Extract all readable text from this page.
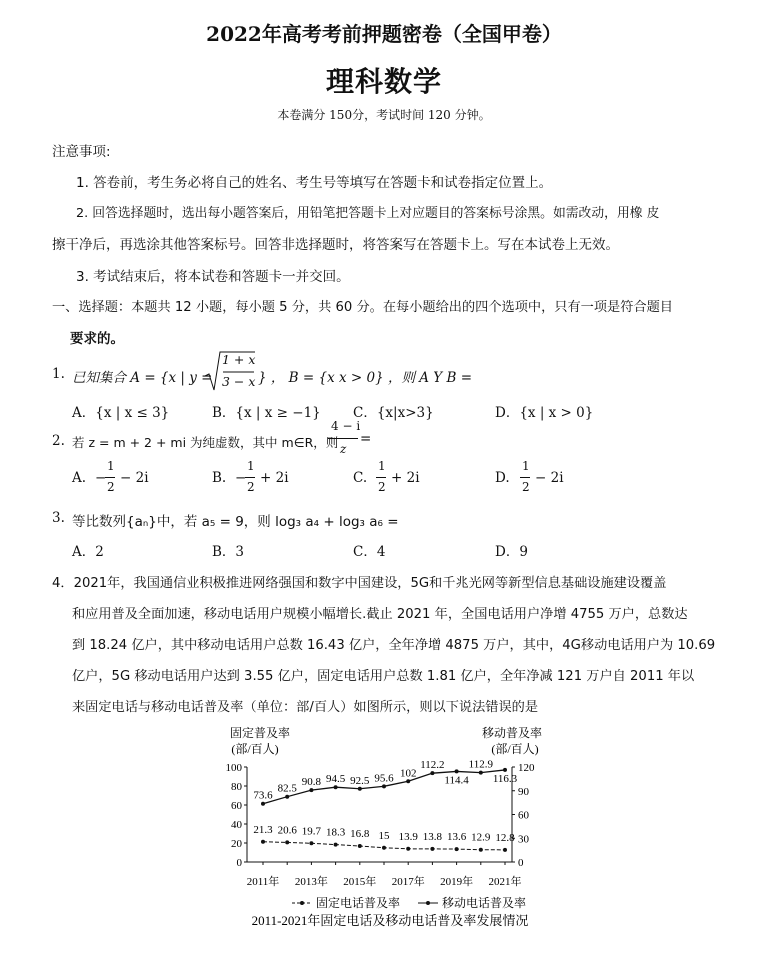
2022年高考考前押题密卷（全国甲卷）
理科数学
本卷满分 150分，考试时间 120 分钟。
注意事项:
1. 答卷前，考生务必将自己的姓名、考生号等填写在答题卡和试卷指定位置上。
2. 回答选择题时，选出每小题答案后，用铅笔把答题卡上对应题目的答案标号涂黑。如需改动，用橡 皮
擦干净后，再选涂其他答案标号。回答非选择题时，将答案写在答题卡上。写在本试卷上无效。
3. 考试结束后，将本试卷和答题卡一并交回。
一、选择题：本题共 12 小题，每小题 5 分，共 60 分。在每小题给出的四个选项中，只有一项是符合题目
要求的。
1. 已知集合 A = {x | y =
1 + x
3 − x } ， B = {x x > 0} ，则 A Y B =
A．{x | x ≤ 3}	B．{x | x ≥ −1} C．{x|x>3}	D．{x | x > 0}
2. 若 z = m + 2 + mi 为纯虚数，其中 m∈R，则
4 − i
z
=
A. −
1
2
− 2i	B. −
1
2
+ 2i	C.
1
2
+ 2i	D.
1
2
− 2i
3. 等比数列{aₙ}中，若 a₅ = 9，则 log₃ a₄ + log₃ a₆ =
A．2	B．3	C．4	D．9
4．2021年，我国通信业积极推进网络强国和数字中国建设，5G和千兆光网等新型信息基础设施建设覆盖
和应用普及全面加速，移动电话用户规模小幅增长.截止 2021 年，全国电话用户净增 4755 万户，总数达
到 18.24 亿户，其中移动电话用户总数 16.43 亿户，全年净增 4875 万户，其中，4G移动电话用户为 10.69
亿户，5G 移动电话用户达到 3.55 亿户，固定电话用户总数 1.81 亿户，全年净减 121 万户自 2011 年以
来固定电话与移动电话普及率（单位：部/百人）如图所示，则以下说法错误的是
0
20
40
60
80
100
0
30
60
90
120
2011年 2013年 2015年 2017年 2019年 2021年
21.3 20.6 19.7 18.3 16.8 15 13.9 13.8 13.6 12.9 12.8
73.6
82.5
90.8 94.5 92.5 95.6 102
112.2
114.4
112.9
116.3
固定普及率
(部/百人)
移动普及率
(部/百人)
固定电话普及率	移动电话普及率
2011-2021年固定电话及移动电话普及率发展情况
